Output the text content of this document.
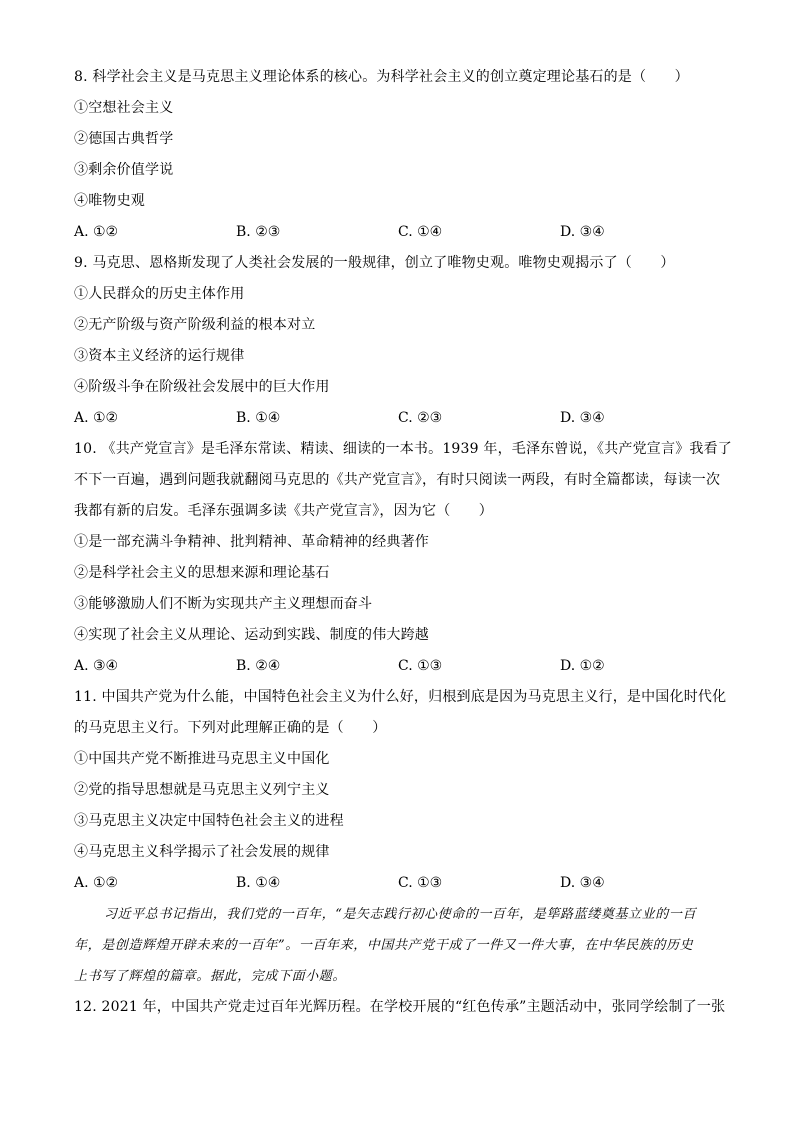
8. 科学社会主义是马克思主义理论体系的核心。为科学社会主义的创立奠定理论基石的是（　　）
①空想社会主义
②德国古典哲学
③剩余价值学说
④唯物史观
A. ①②	B. ②③	C. ①④	D. ③④
9. 马克思、恩格斯发现了人类社会发展的一般规律，创立了唯物史观。唯物史观揭示了（　　）
①人民群众的历史主体作用
②无产阶级与资产阶级利益的根本对立
③资本主义经济的运行规律
④阶级斗争在阶级社会发展中的巨大作用
A. ①②	B. ①④	C. ②③	D. ③④
10. 《共产党宣言》是毛泽东常读、精读、细读的一本书。1939 年，毛泽东曾说，《共产党宣言》我看了
不下一百遍，遇到问题我就翻阅马克思的《共产党宣言》，有时只阅读一两段，有时全篇都读，每读一次
我都有新的启发。毛泽东强调多读《共产党宣言》，因为它（　　）
①是一部充满斗争精神、批判精神、革命精神的经典著作
②是科学社会主义的思想来源和理论基石
③能够激励人们不断为实现共产主义理想而奋斗
④实现了社会主义从理论、运动到实践、制度的伟大跨越
A. ③④	B. ②④	C. ①③	D. ①②
11. 中国共产党为什么能，中国特色社会主义为什么好，归根到底是因为马克思主义行，是中国化时代化
的马克思主义行。下列对此理解正确的是（　　）
①中国共产党不断推进马克思主义中国化
②党的指导思想就是马克思主义列宁主义
③马克思主义决定中国特色社会主义的进程
④马克思主义科学揭示了社会发展的规律
A. ①②	B. ①④	C. ①③	D. ③④
习近平总书记指出，我们党的一百年，“是矢志践行初心使命的一百年，是筚路蓝缕奠基立业的一百
年，是创造辉煌开辟未来的一百年”。一百年来，中国共产党干成了一件又一件大事，在中华民族的历史
上书写了辉煌的篇章。据此，完成下面小题。
12. 2021 年，中国共产党走过百年光辉历程。在学校开展的“红色传承”主题活动中，张同学绘制了一张
